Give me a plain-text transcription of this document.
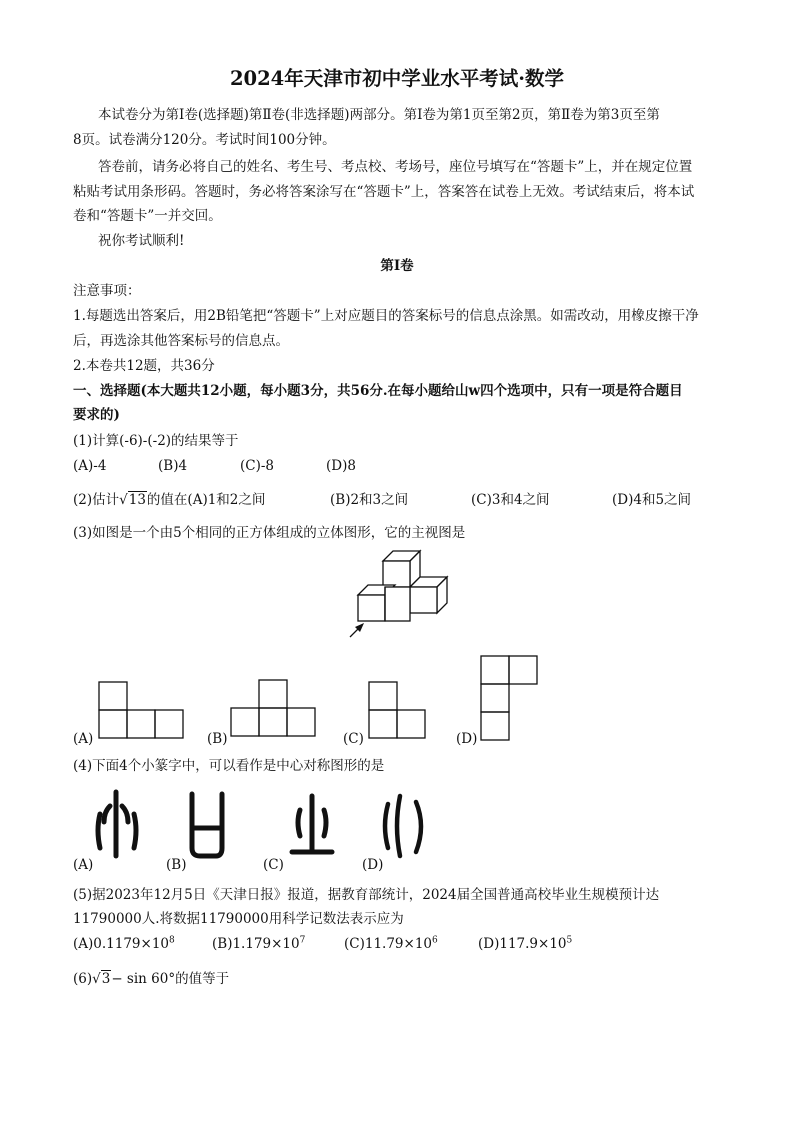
2024年天津市初中学业水平考试·数学
本试卷分为第Ⅰ卷(选择题)第Ⅱ卷(非选择题)两部分。第Ⅰ卷为第1页至第2页，第Ⅱ卷为第3页至第
8页。试卷满分120分。考试时间100分钟。
答卷前，请务必将自己的姓名、考生号、考点校、考场号，座位号填写在“答题卡”上，并在规定位置
粘贴考试用条形码。答题时，务必将答案涂写在“答题卡”上，答案答在试卷上无效。考试结束后，将本试
卷和“答题卡”一并交回。
祝你考试顺利!
第Ⅰ卷
注意事项：
1.每题选出答案后，用2B铅笔把“答题卡”上对应题目的答案标号的信息点涂黑。如需改动，用橡皮擦干净
后，再选涂其他答案标号的信息点。
2.本卷共12题，共36分
一、选择题(本大题共12小题，每小题3分，共56分.在每小题给山w四个选项中，只有一项是符合题目
要求的)
(1)计算(-6)-(-2)的结果等于
(A)-4	(B)4	(C)-8	(D)8
(2)估计√13的值在(A)1和2之间	(B)2和3之间	(C)3和4之间	(D)4和5之间
(3)如图是一个由5个相同的正方体组成的立体图形，它的主视图是
(A)	(B)	(C)	(D)
(4)下面4个小篆字中，可以看作是中心对称图形的是
(A)	(B)	(C)	(D)
(5)据2023年12月5日《天津日报》报道，据教育部统计，2024届全国普通高校毕业生规模预计达
11790000人.将数据11790000用科学记数法表示应为
$(A)0.1179\times 10^8$	$(B)1.179\times 10^7$	$(C)11.79\times 10^6$	$(D)117.9\times 10^5$
(6)√3− sin 60°的值等于
